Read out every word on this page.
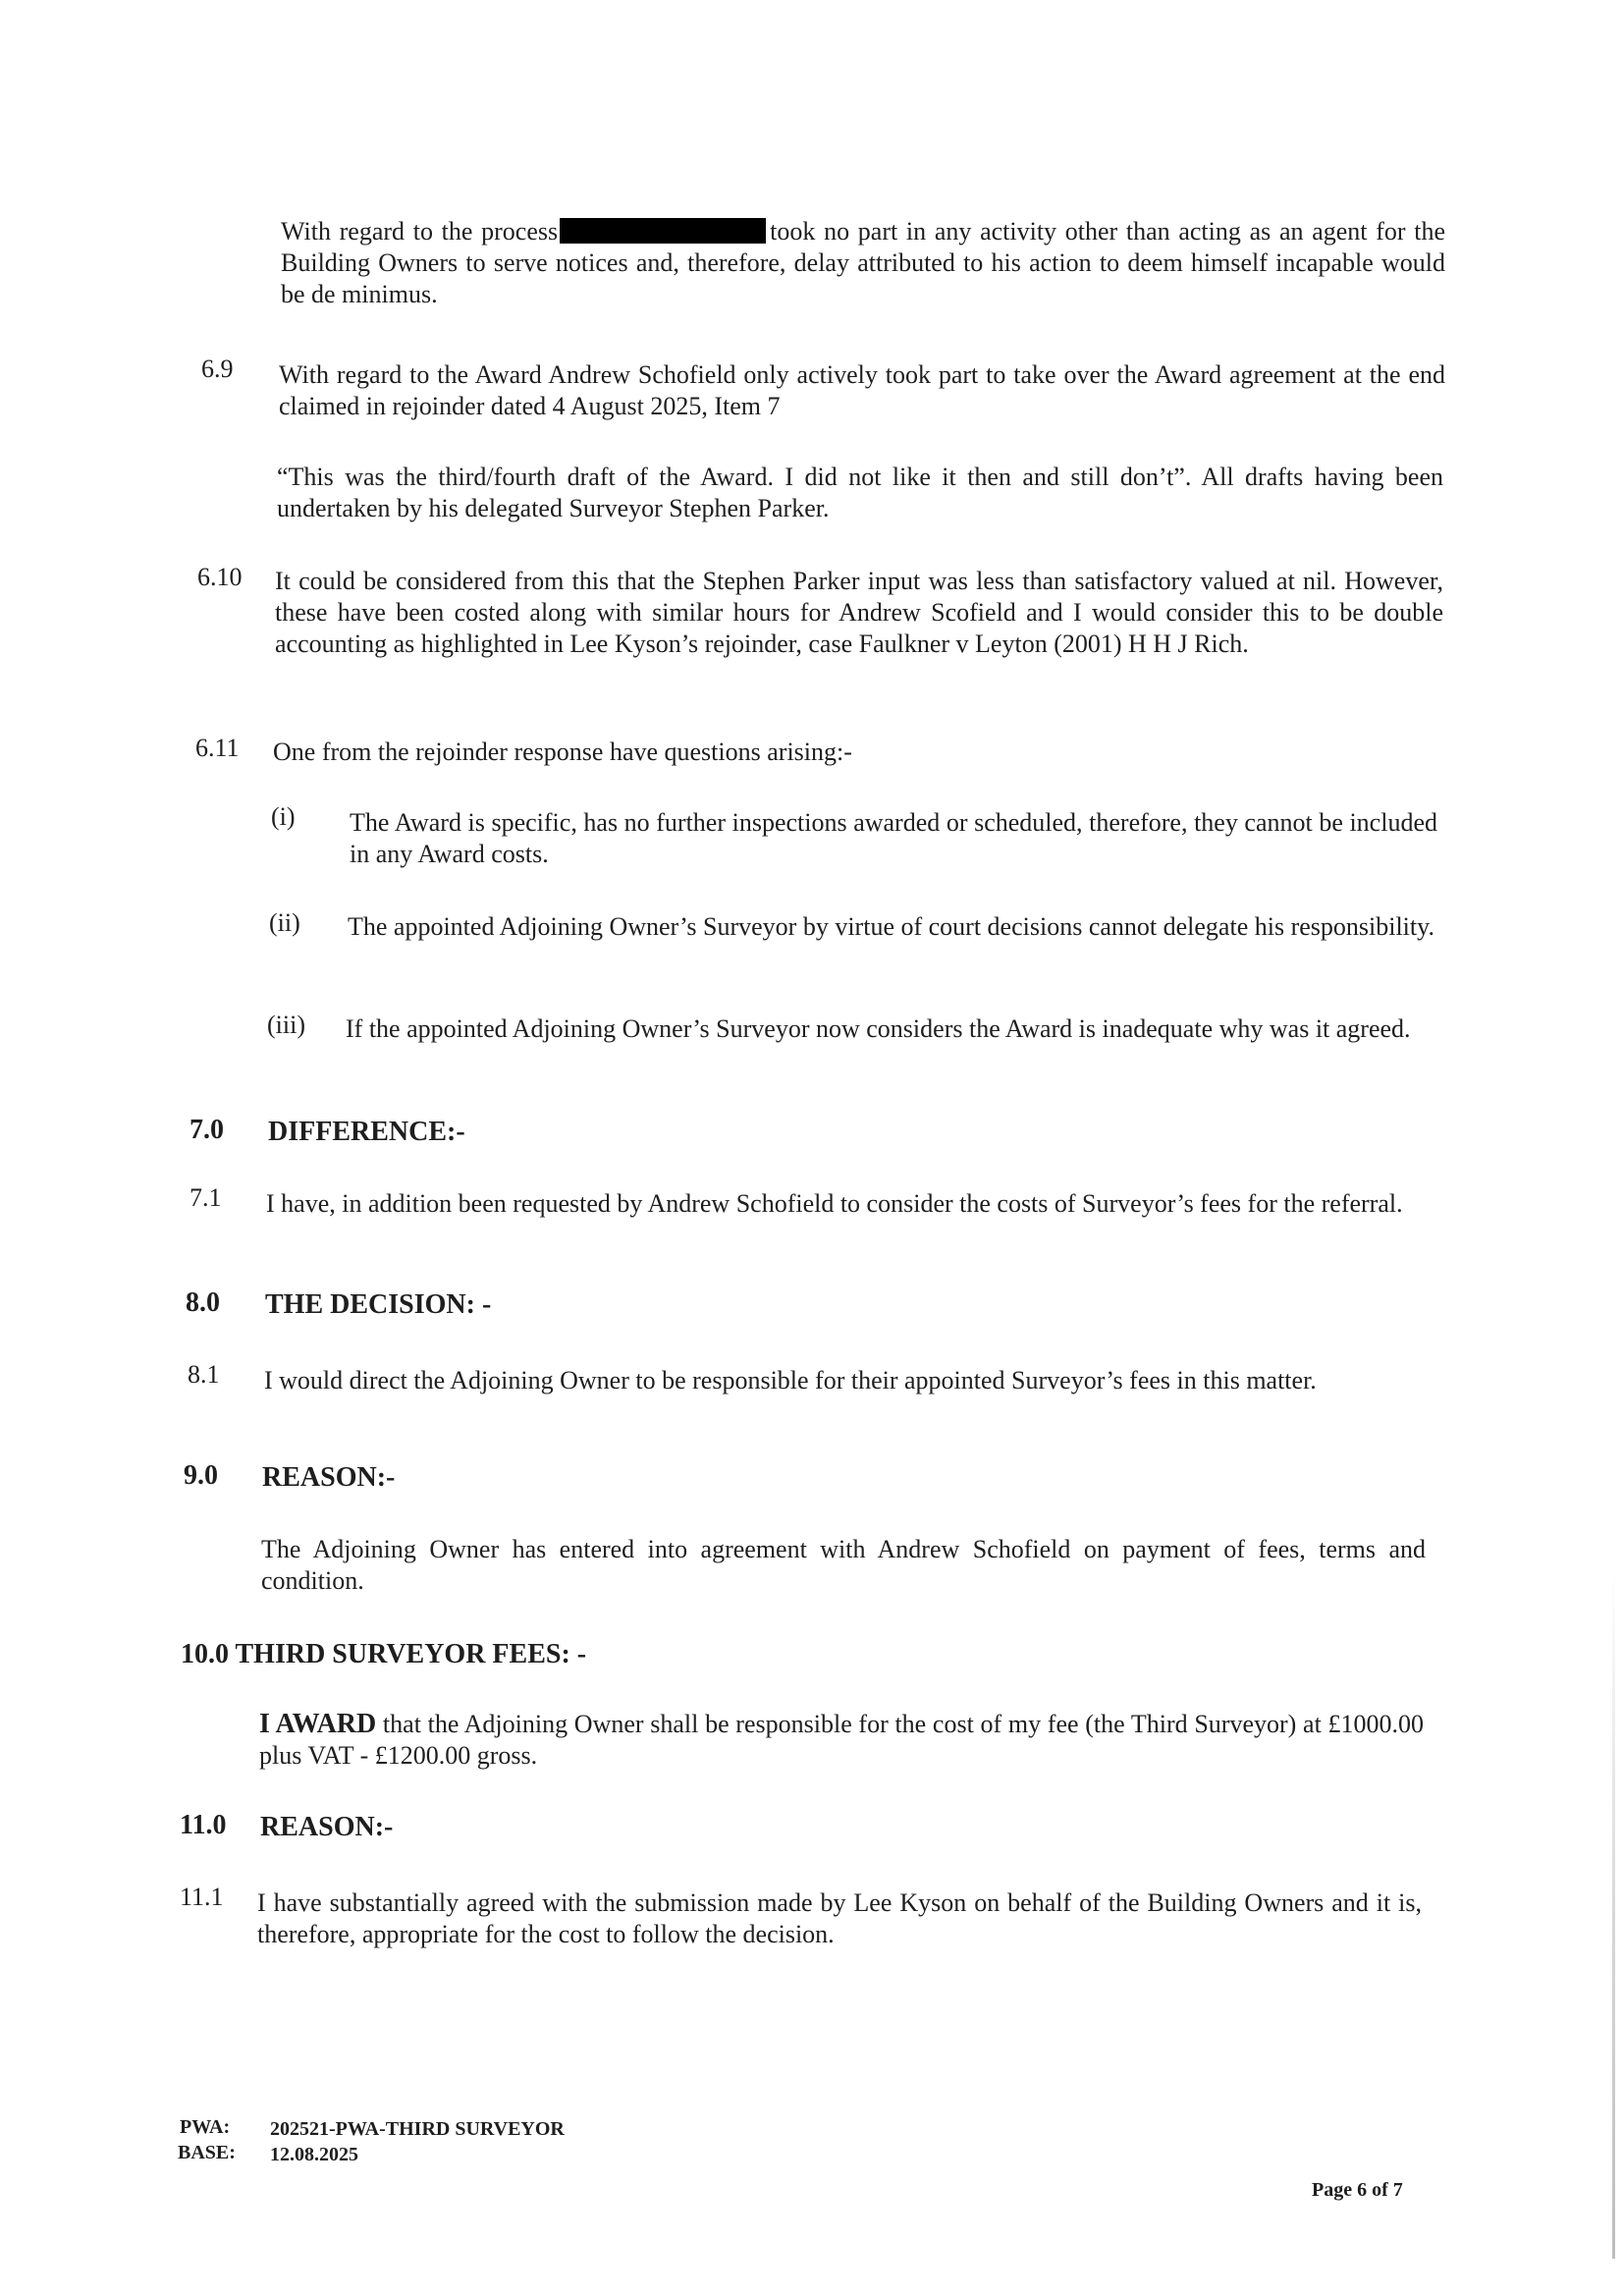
With regard to the process	took no part in any activity other than acting as an agent for the Building Owners to serve notices and, therefore, delay attributed to his action to deem himself incapable would be de minimus.
6.9 With regard to the Award Andrew Schofield only actively took part to take over the Award agreement at the end claimed in rejoinder dated 4 August 2025, Item 7
“This was the third/fourth draft of the Award. I did not like it then and still don’t”. All drafts having been undertaken by his delegated Surveyor Stephen Parker.
6.10 It could be considered from this that the Stephen Parker input was less than satisfactory valued at nil. However, these have been costed along with similar hours for Andrew Scofield and I would consider this to be double accounting as highlighted in Lee Kyson’s rejoinder, case Faulkner v Leyton (2001) H H J Rich.
6.11 One from the rejoinder response have questions arising:-
(i) The Award is specific, has no further inspections awarded or scheduled, therefore, they cannot be included in any Award costs.
(ii) The appointed Adjoining Owner’s Surveyor by virtue of court decisions cannot delegate his responsibility.
(iii) If the appointed Adjoining Owner’s Surveyor now considers the Award is inadequate why was it agreed.
7.0 DIFFERENCE:-
7.1 I have, in addition been requested by Andrew Schofield to consider the costs of Surveyor’s fees for the referral.
8.0 THE DECISION: -
8.1 I would direct the Adjoining Owner to be responsible for their appointed Surveyor’s fees in this matter.
9.0 REASON:-
The Adjoining Owner has entered into agreement with Andrew Schofield on payment of fees, terms and condition.
10.0 THIRD SURVEYOR FEES: -
I AWARD that the Adjoining Owner shall be responsible for the cost of my fee (the Third Surveyor) at £1000.00 plus VAT - £1200.00 gross.
11.0 REASON:-
11.1 I have substantially agreed with the submission made by Lee Kyson on behalf of the Building Owners and it is, therefore, appropriate for the cost to follow the decision.
PWA: 202521-PWA-THIRD SURVEYOR
BASE: 12.08.2025
Page 6 of 7
